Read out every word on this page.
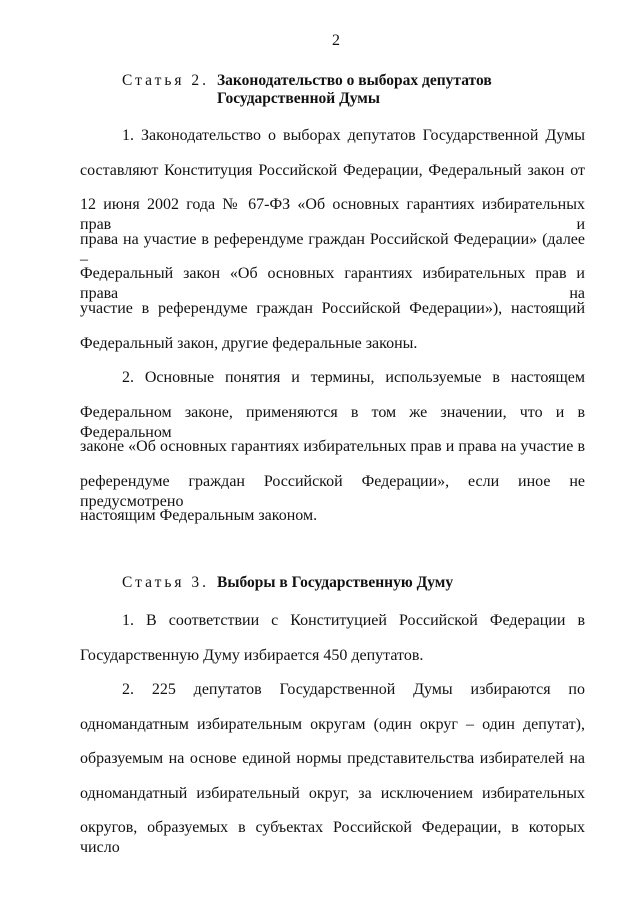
2
Статья 2. Законодательство о выборах депутатов
Государственной Думы
1. Законодательство о выборах депутатов Государственной Думы
составляют Конституция Российской Федерации, Федеральный закон от
12 июня 2002 года № 67-ФЗ «Об основных гарантиях избирательных прав и
права на участие в референдуме граждан Российской Федерации» (далее –
Федеральный закон «Об основных гарантиях избирательных прав и права на
участие в референдуме граждан Российской Федерации»), настоящий
Федеральный закон, другие федеральные законы.
2. Основные понятия и термины, используемые в настоящем
Федеральном законе, применяются в том же значении, что и в Федеральном
законе «Об основных гарантиях избирательных прав и права на участие в
референдуме граждан Российской Федерации», если иное не предусмотрено
настоящим Федеральным законом.
Статья 3. Выборы в Государственную Думу
1. В соответствии с Конституцией Российской Федерации в
Государственную Думу избирается 450 депутатов.
2. 225 депутатов Государственной Думы избираются по
одномандатным избирательным округам (один округ – один депутат),
образуемым на основе единой нормы представительства избирателей на
одномандатный избирательный округ, за исключением избирательных
округов, образуемых в субъектах Российской Федерации, в которых число
